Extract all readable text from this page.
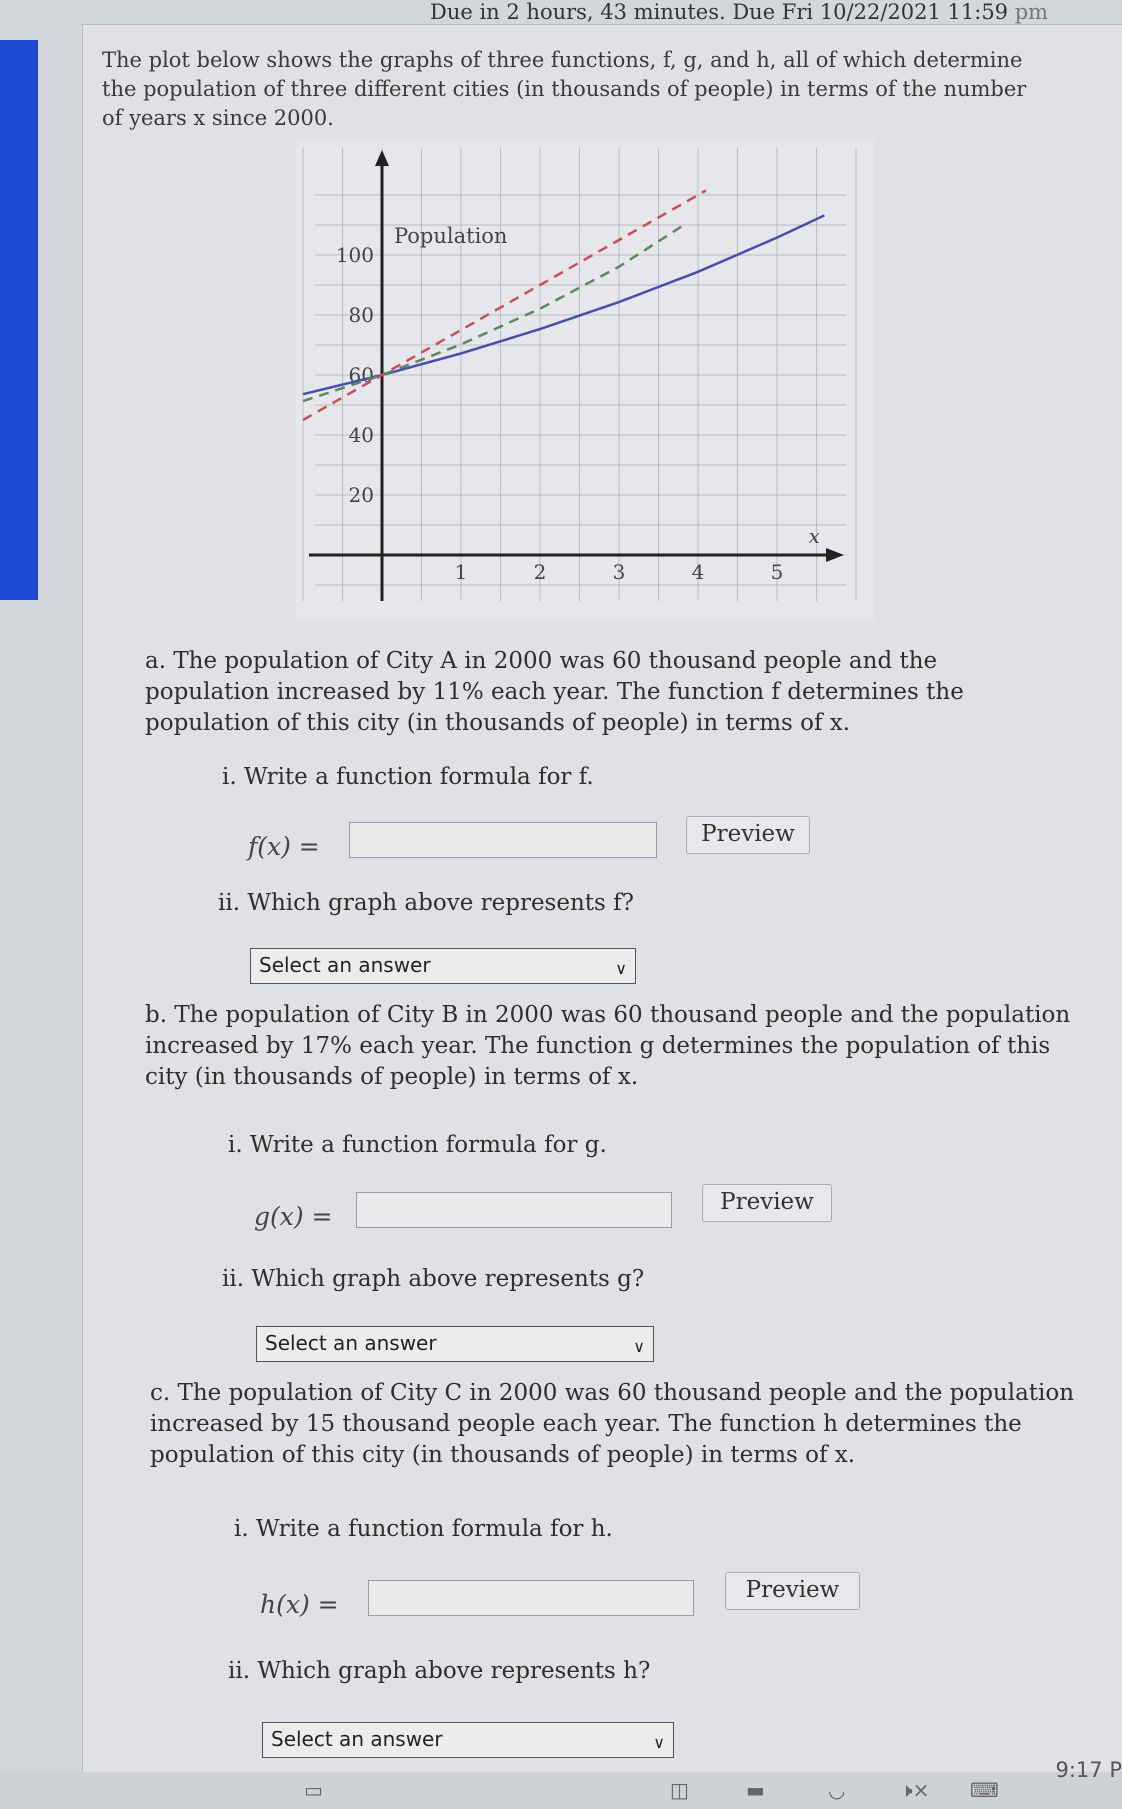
Due in 2 hours, 43 minutes. Due Fri 10/22/2021 11:59 pm
The plot below shows the graphs of three functions, f, g, and h, all of which determine the population of three different cities (in thousands of people) in terms of the number of years x since 2000.
20
40
60
80
100
1	2	3	4	5
Population
x
a. The population of City A in 2000 was 60 thousand people and the population increased by 11% each year. The function f determines the population of this city (in thousands of people) in terms of x.
i. Write a function formula for f.
f(x) =	Preview
ii. Which graph above represents f?
Select an answer	∨
b. The population of City B in 2000 was 60 thousand people and the population increased by 17% each year. The function g determines the population of this city (in thousands of people) in terms of x.
i. Write a function formula for g.
g(x) =	Preview
ii. Which graph above represents g?
Select an answer	∨
c. The population of City C in 2000 was 60 thousand people and the population increased by 15 thousand people each year. The function h determines the population of this city (in thousands of people) in terms of x.
i. Write a function formula for h.
h(x) =	Preview
ii. Which graph above represents h?
Select an answer	∨
▭	◫	▬	◡	🕨× ⌨
9:17 P
